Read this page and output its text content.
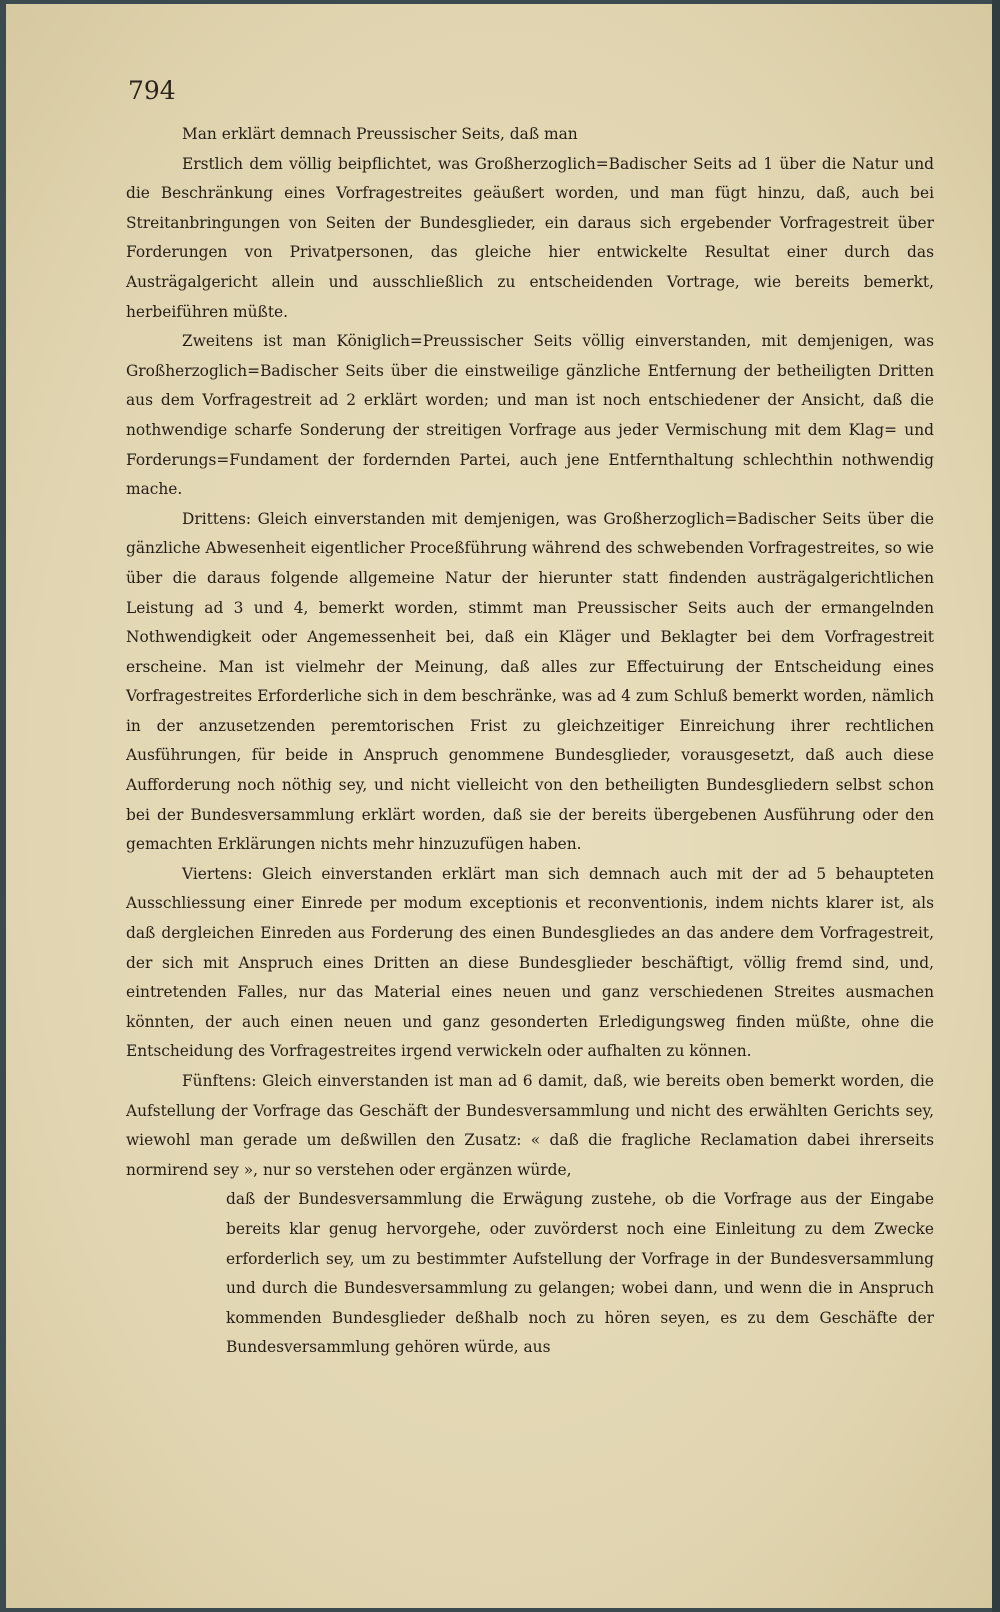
794

Man erklärt demnach Preussischer Seits, daß man

Erstlich dem völlig beipflichtet, was Großherzoglich=Badischer Seits ad 1 über die Natur und die Beschränkung eines Vorfragestreites geäußert worden, und man fügt hinzu, daß, auch bei Streitanbringungen von Seiten der Bundesglieder, ein daraus sich ergebender Vorfragestreit über Forderungen von Privatpersonen, das gleiche hier entwickelte Resultat einer durch das Austrägalgericht allein und ausschließlich zu entscheidenden Vortrage, wie bereits bemerkt, herbeiführen müßte.

Zweitens ist man Königlich=Preussischer Seits völlig einverstanden, mit demjenigen, was Großherzoglich=Badischer Seits über die einstweilige gänzliche Entfernung der betheiligten Dritten aus dem Vorfragestreit ad 2 erklärt worden; und man ist noch entschiedener der Ansicht, daß die nothwendige scharfe Sonderung der streitigen Vorfrage aus jeder Vermischung mit dem Klag= und Forderungs=Fundament der fordernden Partei, auch jene Entfernthaltung schlechthin nothwendig mache.

Drittens: Gleich einverstanden mit demjenigen, was Großherzoglich=Badischer Seits über die gänzliche Abwesenheit eigentlicher Proceßführung während des schwebenden Vorfragestreites, so wie über die daraus folgende allgemeine Natur der hierunter statt findenden austrägalgerichtlichen Leistung ad 3 und 4, bemerkt worden, stimmt man Preussischer Seits auch der ermangelnden Nothwendigkeit oder Angemessenheit bei, daß ein Kläger und Beklagter bei dem Vorfragestreit erscheine. Man ist vielmehr der Meinung, daß alles zur Effectuirung der Entscheidung eines Vorfragestreites Erforderliche sich in dem beschränke, was ad 4 zum Schluß bemerkt worden, nämlich in der anzusetzenden peremtorischen Frist zu gleichzeitiger Einreichung ihrer rechtlichen Ausführungen, für beide in Anspruch genommene Bundesglieder, vorausgesetzt, daß auch diese Aufforderung noch nöthig sey, und nicht vielleicht von den betheiligten Bundesgliedern selbst schon bei der Bundesversammlung erklärt worden, daß sie der bereits übergebenen Ausführung oder den gemachten Erklärungen nichts mehr hinzuzufügen haben.

Viertens: Gleich einverstanden erklärt man sich demnach auch mit der ad 5 behaupteten Ausschliessung einer Einrede per modum exceptionis et reconventionis, indem nichts klarer ist, als daß dergleichen Einreden aus Forderung des einen Bundesgliedes an das andere dem Vorfragestreit, der sich mit Anspruch eines Dritten an diese Bundesglieder beschäftigt, völlig fremd sind, und, eintretenden Falles, nur das Material eines neuen und ganz verschiedenen Streites ausmachen könnten, der auch einen neuen und ganz gesonderten Erledigungsweg finden müßte, ohne die Entscheidung des Vorfragestreites irgend verwickeln oder aufhalten zu können.

Fünftens: Gleich einverstanden ist man ad 6 damit, daß, wie bereits oben bemerkt worden, die Aufstellung der Vorfrage das Geschäft der Bundesversammlung und nicht des erwählten Gerichts sey, wiewohl man gerade um deßwillen den Zusatz: « daß die fragliche Reclamation dabei ihrerseits normirend sey », nur so verstehen oder ergänzen würde,

daß der Bundesversammlung die Erwägung zustehe, ob die Vorfrage aus der Eingabe bereits klar genug hervorgehe, oder zuvörderst noch eine Einleitung zu dem Zwecke erforderlich sey, um zu bestimmter Aufstellung der Vorfrage in der Bundesversammlung und durch die Bundesversammlung zu gelangen; wobei dann, und wenn die in Anspruch kommenden Bundesglieder deßhalb noch zu hören seyen, es zu dem Geschäfte der Bundesversammlung gehören würde, aus
